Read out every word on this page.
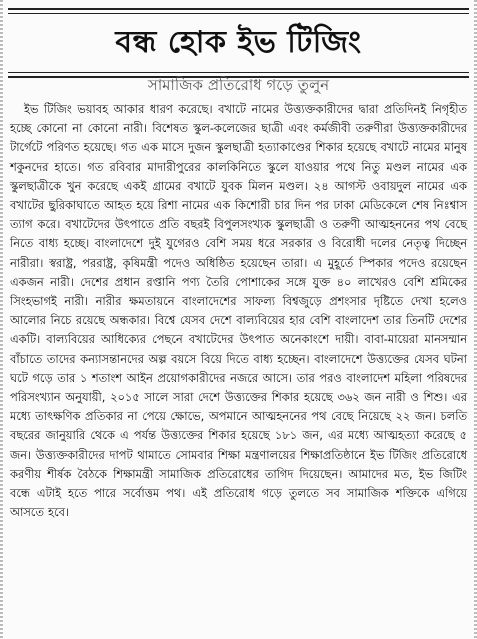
বন্ধ হোক ইভ টিজিং
সামাজিক প্রতিরোধ গড়ে তুলুন

ইভ টিজিং ভয়াবহ আকার ধারণ করেছে। বখাটে নামের উত্ত্যক্তকারীদের দ্বারা প্রতিদিনই নিগৃহীত হচ্ছে কোনো না কোনো নারী। বিশেষত স্কুল-কলেজের ছাত্রী এবং কর্মজীবী তরুণীরা উত্ত্যক্তকারীদের টার্গেটে পরিণত হয়েছে। গত এক মাসে দুজন স্কুলছাত্রী হত্যাকাণ্ডের শিকার হয়েছে বখাটে নামের মানুষ শকুনদের হাতে। গত রবিবার মাদারীপুরের কালকিনিতে স্কুলে যাওয়ার পথে নিতু মণ্ডল নামের এক স্কুলছাত্রীকে খুন করেছে একই গ্রামের বখাটে যুবক মিলন মণ্ডল। ২৪ আগস্ট ওবায়দুল নামের এক বখাটের ছুরিকাঘাতে আহত হয়ে রিশা নামের এক কিশোরী চার দিন পর ঢাকা মেডিকেলে শেষ নিঃশ্বাস ত্যাগ করে। বখাটেদের উৎপাতে প্রতি বছরই বিপুলসংখ্যক স্কুলছাত্রী ও তরুণী আত্মহননের পথ বেছে নিতে বাধ্য হচ্ছে। বাংলাদেশে দুই যুগেরও বেশি সময় ধরে সরকার ও বিরোধী দলের নেতৃত্ব দিচ্ছেন নারীরা। স্বরাষ্ট্র, পররাষ্ট্র, কৃষিমন্ত্রী পদেও অধিষ্ঠিত হয়েছেন তারা। এ মুহূর্তে স্পিকার পদেও রয়েছেন একজন নারী। দেশের প্রধান রপ্তানি পণ্য তৈরি পোশাকের সঙ্গে যুক্ত ৪০ লাখেরও বেশি শ্রমিকের সিংহভাগই নারী। নারীর ক্ষমতায়নে বাংলাদেশের সাফল্য বিশ্বজুড়ে প্রশংসার দৃষ্টিতে দেখা হলেও আলোর নিচে রয়েছে অন্ধকার। বিশ্বে যেসব দেশে বাল্যবিয়ের হার বেশি বাংলাদেশ তার তিনটি দেশের একটি। বাল্যবিয়ের আধিক্যের পেছনে বখাটেদের উৎপাত অনেকাংশে দায়ী। বাবা-মায়েরা মানসম্মান বাঁচাতে তাদের কন্যাসন্তানদের অল্প বয়সে বিয়ে দিতে বাধ্য হচ্ছেন। বাংলাদেশে উত্ত্যক্তের যেসব ঘটনা ঘটে গড়ে তার ১ শতাংশ আইন প্রয়োগকারীদের নজরে আসে। তার পরও বাংলাদেশ মহিলা পরিষদের পরিসংখ্যান অনুযায়ী, ২০১৫ সালে সারা দেশে উত্ত্যক্তের শিকার হয়েছে ৩৬২ জন নারী ও শিশু। এর মধ্যে তাৎক্ষণিক প্রতিকার না পেয়ে ক্ষোভে, অপমানে আত্মহননের পথ বেছে নিয়েছে ২২ জন। চলতি বছরের জানুয়ারি থেকে এ পর্যন্ত উত্ত্যক্তের শিকার হয়েছে ১৮১ জন, এর মধ্যে আত্মহত্যা করেছে ৫ জন। উত্ত্যক্তকারীদের দাপট থামাতে সোমবার শিক্ষা মন্ত্রণালয়ের শিক্ষাপ্রতিষ্ঠানে ইভ টিজিং প্রতিরোধে করণীয় শীর্ষক বৈঠকে শিক্ষামন্ত্রী সামাজিক প্রতিরোধের তাগিদ দিয়েছেন। আমাদের মত, ইভ জিটিং বন্ধে এটাই হতে পারে সর্বোত্তম পথ। এই প্রতিরোধ গড়ে তুলতে সব সামাজিক শক্তিকে এগিয়ে আসতে হবে।
